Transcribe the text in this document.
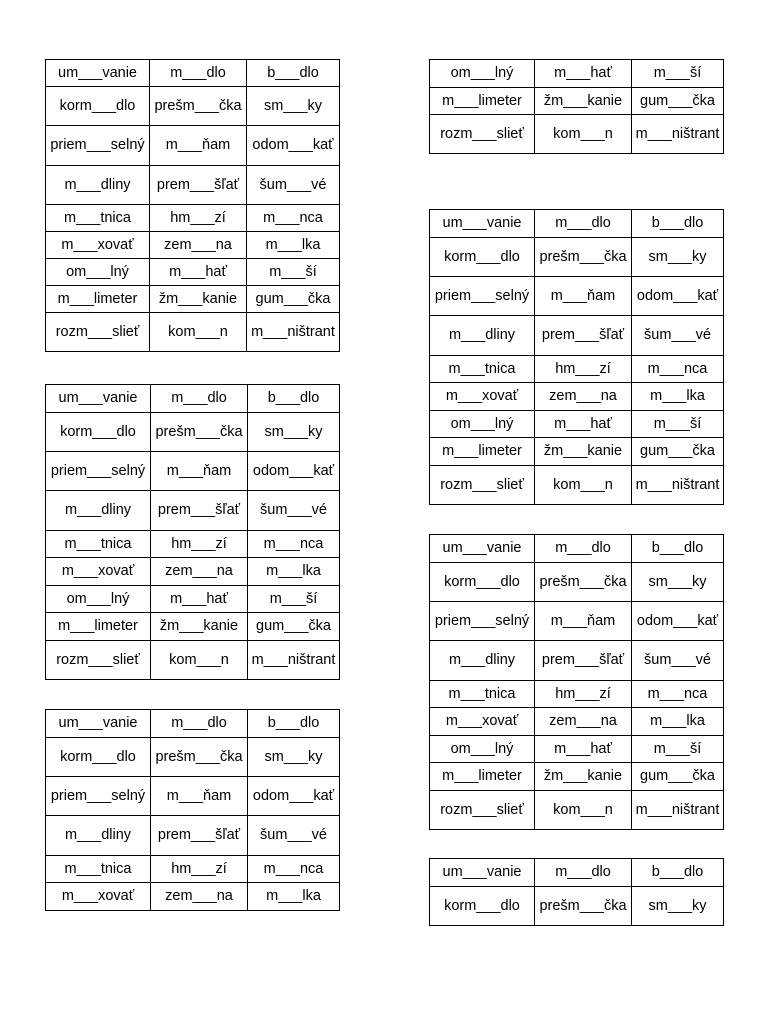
um___vanie	m___dlo	b___dlo
korm___dlo	prešm___čka	sm___ky
priem___selný	m___ňam	odom___kať
m___dliny	prem___šľať	šum___vé
m___tnica	hm___zí	m___nca
m___xovať	zem___na	m___lka
om___lný	m___hať	m___ší
m___limeter	žm___kanie	gum___čka
rozm___slieť	kom___n	m___ništrant
um___vanie	m___dlo	b___dlo
korm___dlo	prešm___čka	sm___ky
priem___selný	m___ňam	odom___kať
m___dliny	prem___šľať	šum___vé
m___tnica	hm___zí	m___nca
m___xovať	zem___na	m___lka
om___lný	m___hať	m___ší
m___limeter	žm___kanie	gum___čka
rozm___slieť	kom___n	m___ništrant
um___vanie	m___dlo	b___dlo
korm___dlo	prešm___čka	sm___ky
priem___selný	m___ňam	odom___kať
m___dliny	prem___šľať	šum___vé
m___tnica	hm___zí	m___nca
m___xovať	zem___na	m___lka
om___lný	m___hať	m___ší
m___limeter	žm___kanie	gum___čka
rozm___slieť	kom___n	m___ništrant
um___vanie	m___dlo	b___dlo
korm___dlo	prešm___čka	sm___ky
priem___selný	m___ňam	odom___kať
m___dliny	prem___šľať	šum___vé
m___tnica	hm___zí	m___nca
m___xovať	zem___na	m___lka
om___lný	m___hať	m___ší
m___limeter	žm___kanie	gum___čka
rozm___slieť	kom___n	m___ništrant
um___vanie	m___dlo	b___dlo
korm___dlo	prešm___čka	sm___ky
priem___selný	m___ňam	odom___kať
m___dliny	prem___šľať	šum___vé
m___tnica	hm___zí	m___nca
m___xovať	zem___na	m___lka
om___lný	m___hať	m___ší
m___limeter	žm___kanie	gum___čka
rozm___slieť	kom___n	m___ništrant
um___vanie	m___dlo	b___dlo
korm___dlo	prešm___čka	sm___ky
